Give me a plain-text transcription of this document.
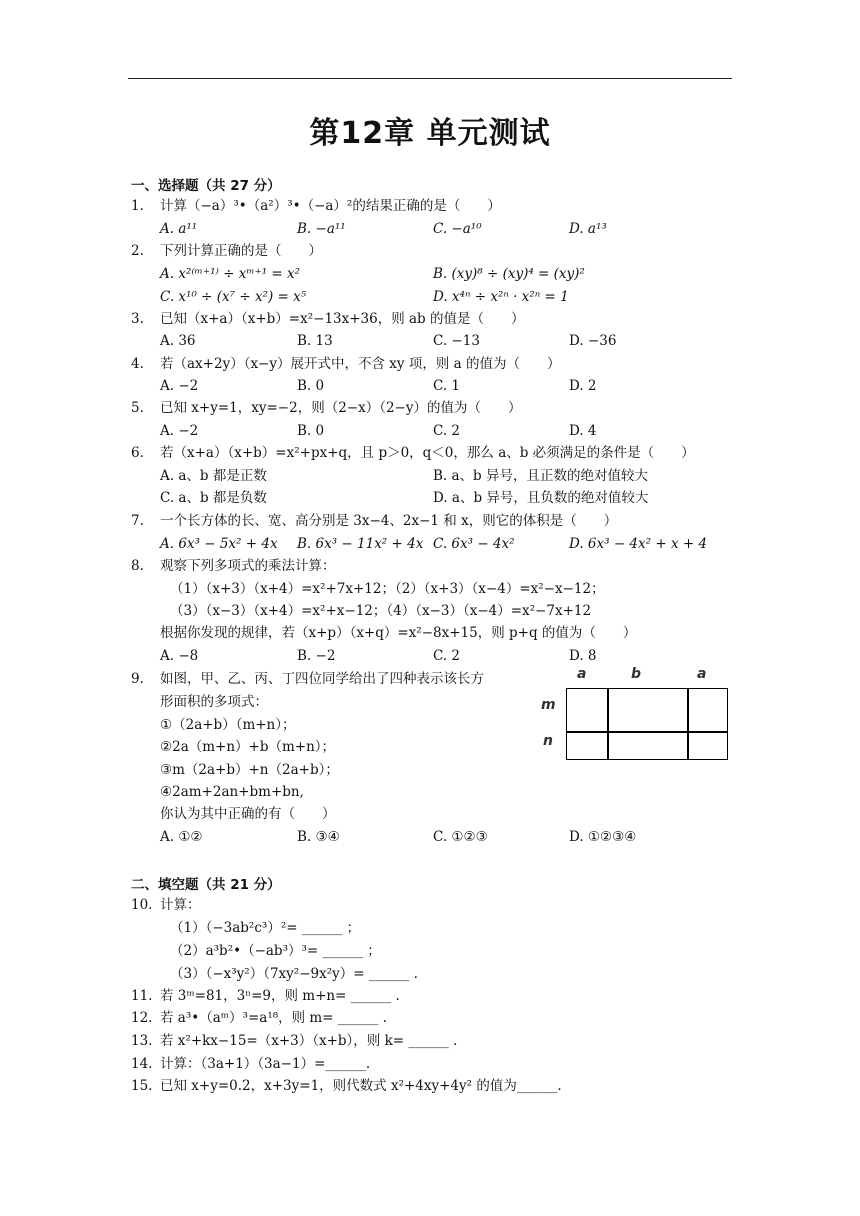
第12章 单元测试
一、选择题（共 27 分）
1. 计算（−a）³•（a²）³•（−a）²的结果正确的是（　　）
A. a¹¹	B. −a¹¹	C. −a¹⁰	D. a¹³
2. 下列计算正确的是（　　）
A. x²⁽ᵐ⁺¹⁾ ÷ xᵐ⁺¹ = x²	B. (xy)⁸ ÷ (xy)⁴ = (xy)²
C. x¹⁰ ÷ (x⁷ ÷ x²) = x⁵	D. x⁴ⁿ ÷ x²ⁿ · x²ⁿ = 1
3. 已知（x+a）（x+b）=x²−13x+36，则 ab 的值是（　　）
A. 36	B. 13	C. −13	D. −36
4. 若（ax+2y）（x−y）展开式中，不含 xy 项，则 a 的值为（　　）
A. −2	B. 0	C. 1	D. 2
5. 已知 x+y=1，xy=−2，则（2−x）（2−y）的值为（　　）
A. −2	B. 0	C. 2	D. 4
6. 若（x+a）（x+b）=x²+px+q，且 p＞0，q＜0，那么 a、b 必须满足的条件是（　　）
A. a、b 都是正数	B. a、b 异号，且正数的绝对值较大
C. a、b 都是负数	D. a、b 异号，且负数的绝对值较大
7. 一个长方体的长、宽、高分别是 3x−4、2x−1 和 x，则它的体积是（　　）
A. 6x³ − 5x² + 4x B. 6x³ − 11x² + 4x C. 6x³ − 4x²	D. 6x³ − 4x² + x + 4
8. 观察下列多项式的乘法计算：
（1）（x+3）（x+4）=x²+7x+12；（2）（x+3）（x−4）=x²−x−12；
（3）（x−3）（x+4）=x²+x−12；（4）（x−3）（x−4）=x²−7x+12
根据你发现的规律，若（x+p）（x+q）=x²−8x+15，则 p+q 的值为（　　）
A. −8	B. −2	C. 2	D. 8
9. 如图，甲、乙、丙、丁四位同学给出了四种表示该长方
形面积的多项式：
①（2a+b）（m+n）；
②2a（m+n）+b（m+n）；
③m（2a+b）+n（2a+b）；
④2am+2an+bm+bn,
你认为其中正确的有（　　）
A. ①②	B. ③④	C. ①②③	D. ①②③④
a	b	a
m
n
二、填空题（共 21 分）
10. 计算：
（1）（−3ab²c³）²= ______ ；
（2）a³b²•（−ab³）³= ______ ；
（3）（−x³y²）（7xy²−9x²y）= ______ .
11. 若 3ᵐ=81，3ⁿ=9，则 m+n= ______ .
12. 若 a³•（aᵐ）³=a¹⁸，则 m= ______ .
13. 若 x²+kx−15=（x+3）（x+b），则 k= ______ .
14. 计算：（3a+1）（3a−1）=______.
15. 已知 x+y=0.2，x+3y=1，则代数式 x²+4xy+4y² 的值为______.
